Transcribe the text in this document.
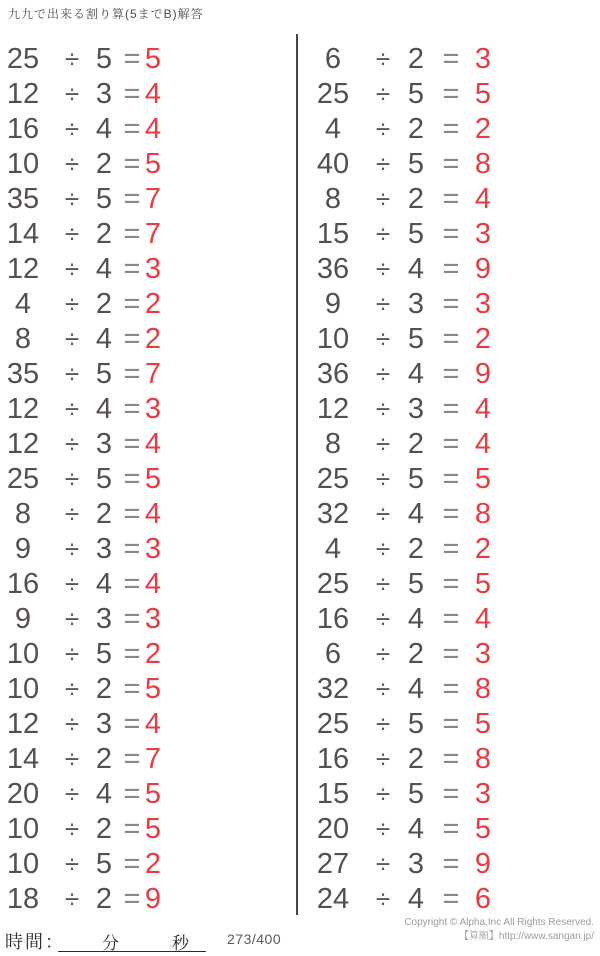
九九で出来る割り算(5までB)解答
25 ÷ 5 = 5
12 ÷ 3 = 4
16 ÷ 4 = 4
10 ÷ 2 = 5
35 ÷ 5 = 7
14 ÷ 2 = 7
12 ÷ 4 = 3
4	÷ 2 = 2
8	÷ 4 = 2
35 ÷ 5 = 7
12 ÷ 4 = 3
12 ÷ 3 = 4
25 ÷ 5 = 5
8	÷ 2 = 4
9	÷ 3 = 3
16 ÷ 4 = 4
9	÷ 3 = 3
10 ÷ 5 = 2
10 ÷ 2 = 5
12 ÷ 3 = 4
14 ÷ 2 = 7
20 ÷ 4 = 5
10 ÷ 2 = 5
10 ÷ 5 = 2
18 ÷ 2 = 9
6	÷ 2 = 3
25 ÷ 5 = 5
4	÷ 2 = 2
40 ÷ 5 = 8
8	÷ 2 = 4
15 ÷ 5 = 3
36 ÷ 4 = 9
9	÷ 3 = 3
10 ÷ 5 = 2
36 ÷ 4 = 9
12 ÷ 3 = 4
8	÷ 2 = 4
25 ÷ 5 = 5
32 ÷ 4 = 8
4	÷ 2 = 2
25 ÷ 5 = 5
16 ÷ 4 = 4
6	÷ 2 = 3
32 ÷ 4 = 8
25 ÷ 5 = 5
16 ÷ 2 = 8
15 ÷ 5 = 3
20 ÷ 4 = 5
27 ÷ 3 = 9
24 ÷ 4 = 6
時間： 分	秒	273/400
Copyright © Alpha.Inc All Rights Reserved.
【算願】http://www.sangan.jp/
